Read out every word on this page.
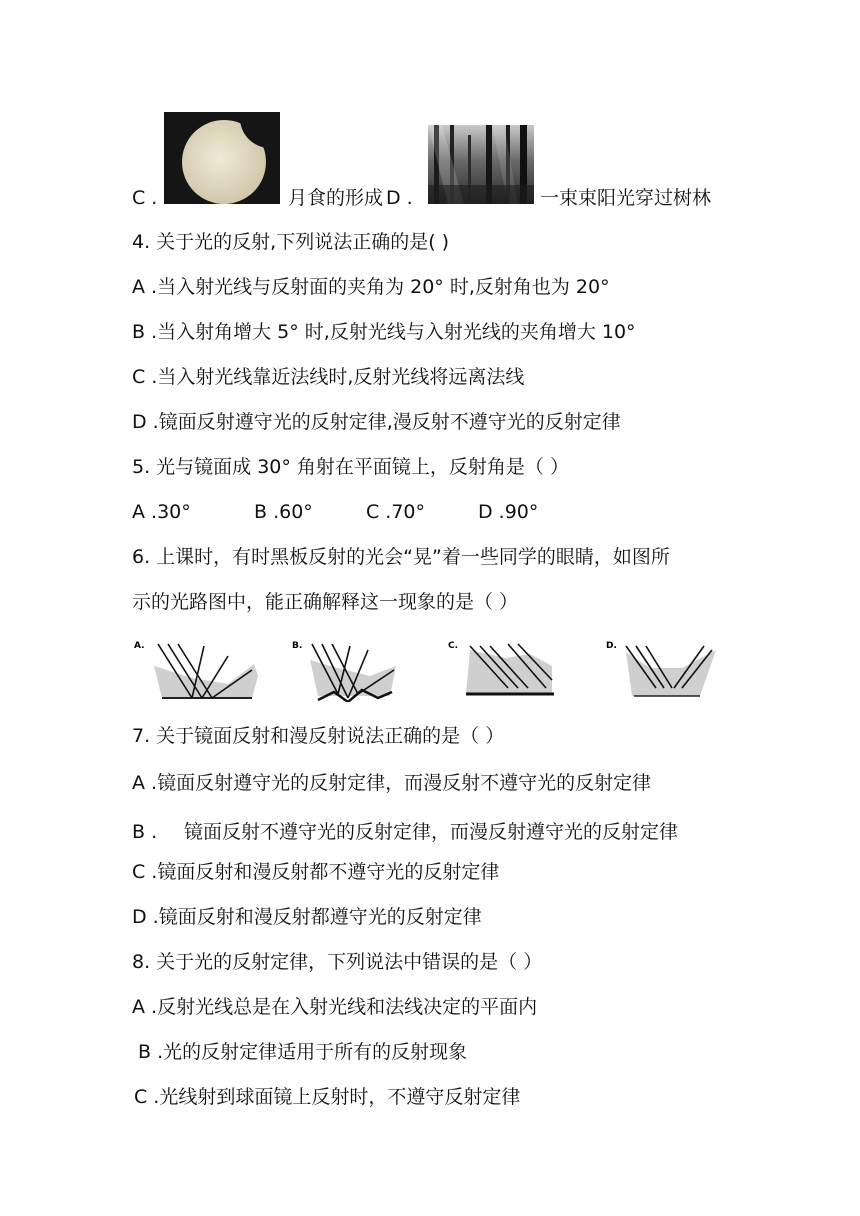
C .	月食的形成 D .	一束束阳光穿过树林
4. 关于光的反射,下列说法正确的是( )
A .当入射光线与反射面的夹角为 20° 时,反射角也为 20°
B .当入射角增大 5° 时,反射光线与入射光线的夹角增大 10°
C .当入射光线靠近法线时,反射光线将远离法线
D .镜面反射遵守光的反射定律,漫反射不遵守光的反射定律
5. 光与镜面成 30° 角射在平面镜上，反射角是（ ）
A .30°	B .60°	C .70°	D .90°
6. 上课时，有时黑板反射的光会“晃”着一些同学的眼睛，如图所
示的光路图中，能正确解释这一现象的是（ ）
A.	B.	C.	D.
7. 关于镜面反射和漫反射说法正确的是（ ）
A .镜面反射遵守光的反射定律，而漫反射不遵守光的反射定律
B . 镜面反射不遵守光的反射定律，而漫反射遵守光的反射定律
C .镜面反射和漫反射都不遵守光的反射定律
D .镜面反射和漫反射都遵守光的反射定律
8. 关于光的反射定律，下列说法中错误的是（ ）
A .反射光线总是在入射光线和法线决定的平面内
B .光的反射定律适用于所有的反射现象
C .光线射到球面镜上反射时，不遵守反射定律
